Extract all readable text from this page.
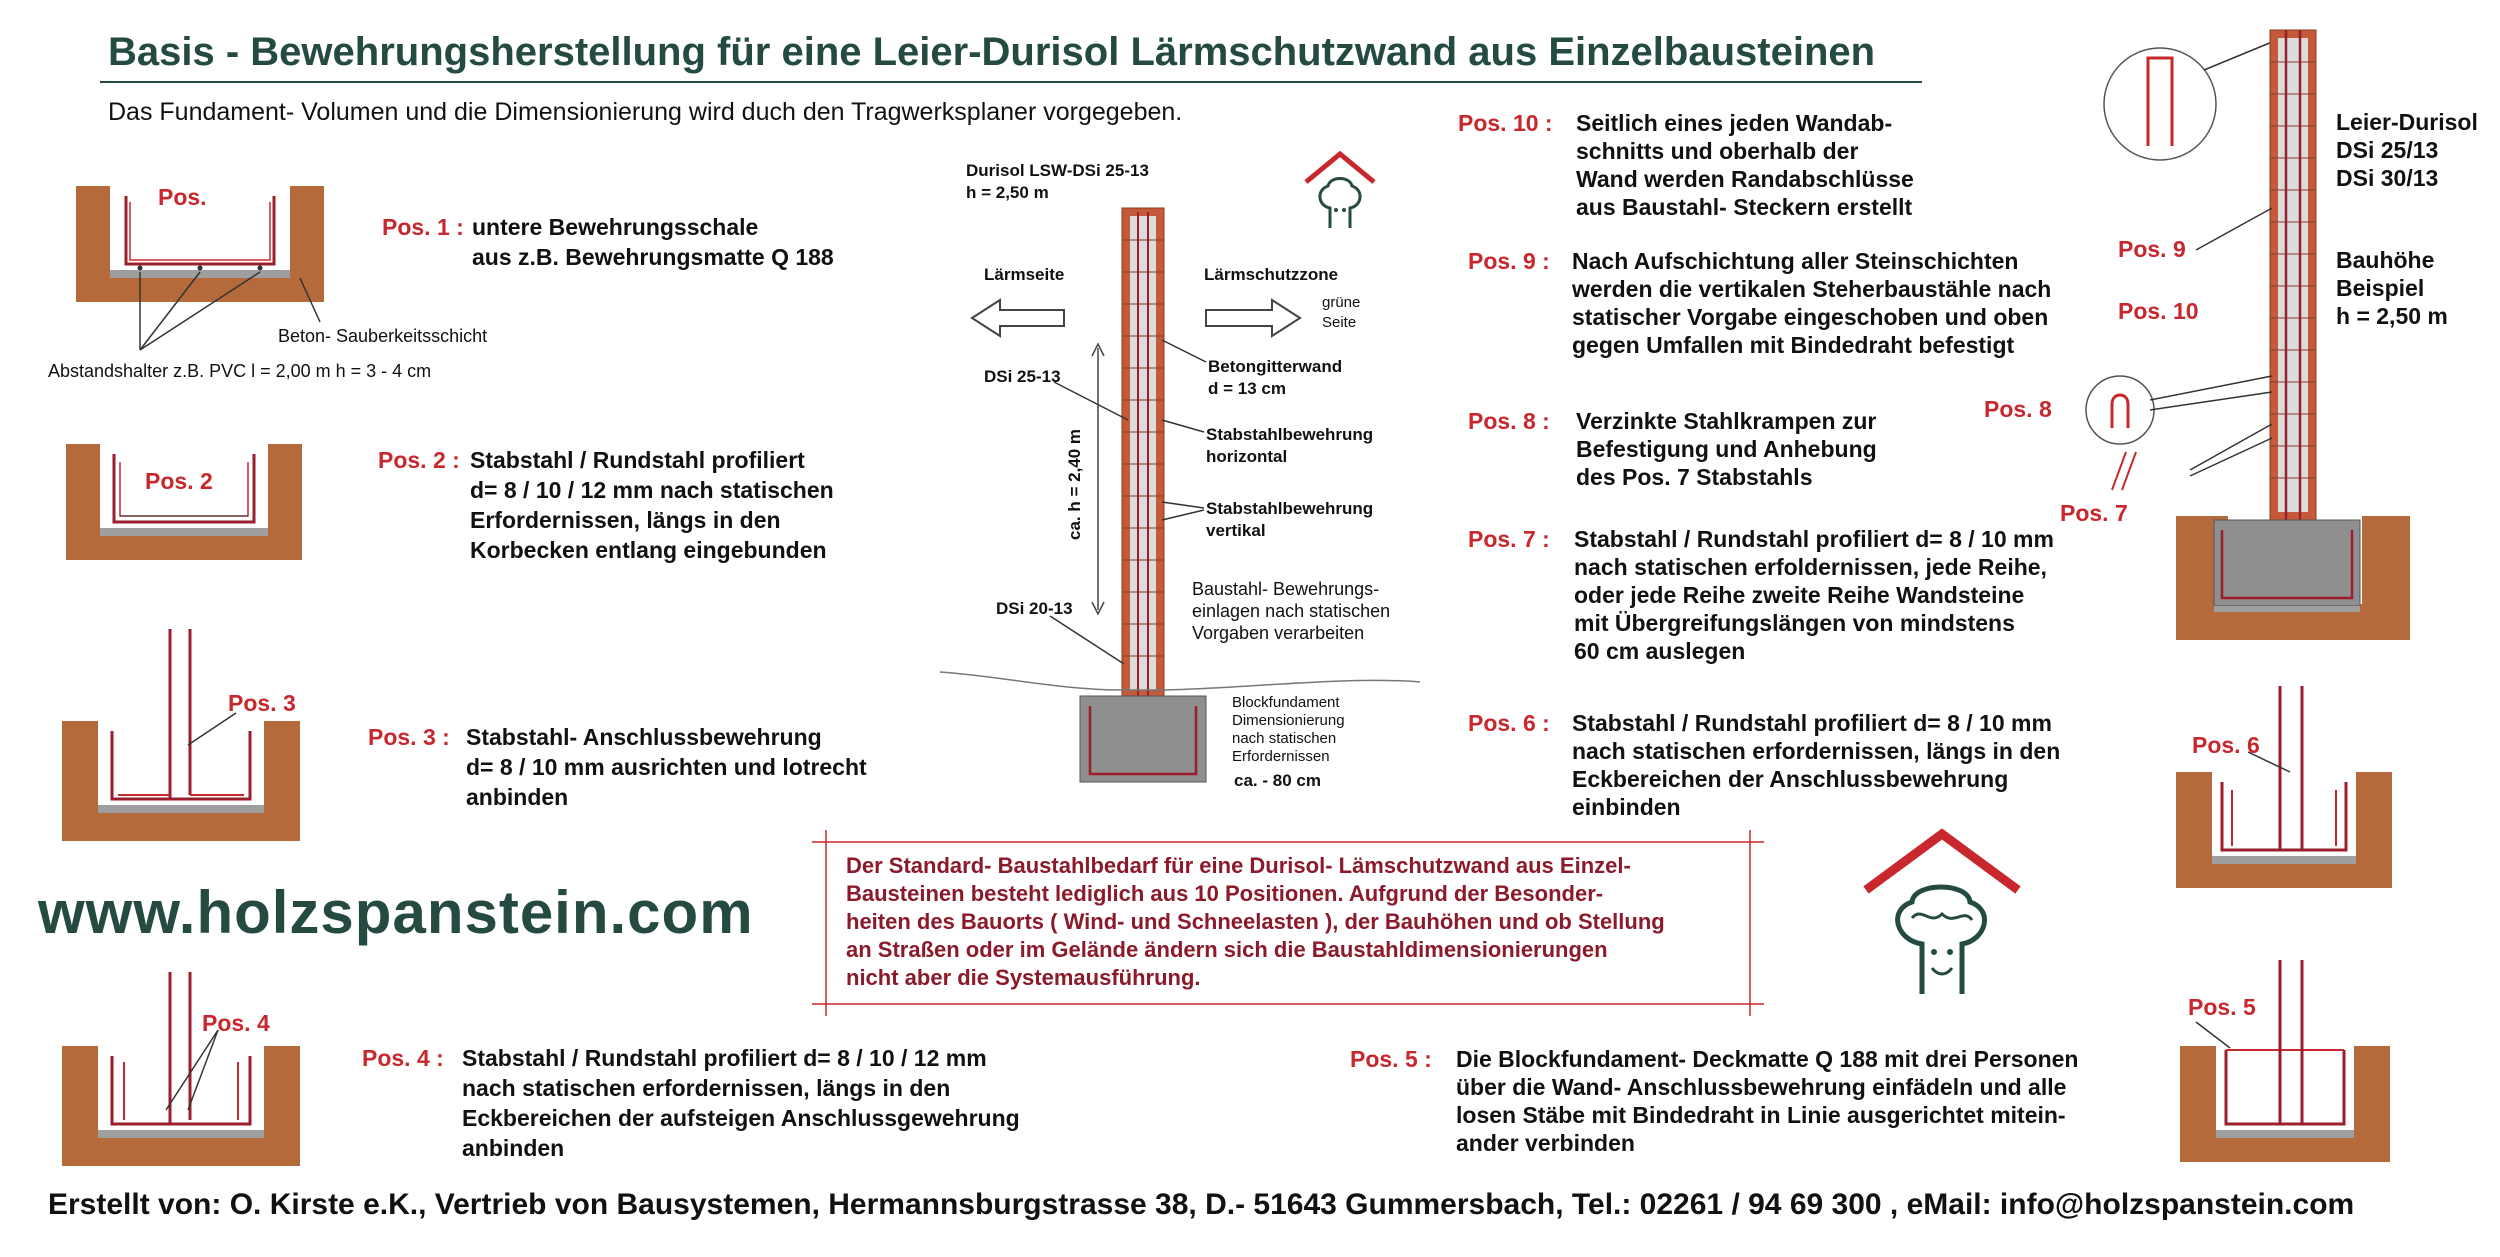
Basis - Bewehrungsherstellung für eine Leier-Durisol Lärmschutzwand aus Einzelbausteinen
Das Fundament- Volumen und die Dimensionierung wird duch den Tragwerksplaner vorgegeben.
Pos.
Beton- Sauberkeitsschicht
Abstandshalter z.B. PVC l = 2,00 m h = 3 - 4 cm
Pos. 2
Pos. 3
Pos. 4
Pos. 1 : untere Bewehrungsschale
aus z.B. Bewehrungsmatte Q 188
Pos. 2 : Stabstahl / Rundstahl profiliert
d= 8 / 10 / 12 mm nach statischen
Erfordernissen, längs in den
Korbecken entlang eingebunden
Pos. 3 : Stabstahl- Anschlussbewehrung
d= 8 / 10 mm ausrichten und lotrecht
anbinden
www.holzspanstein.com
Pos. 4 : Stabstahl / Rundstahl profiliert d= 8 / 10 / 12 mm
nach statischen erfordernissen, längs in den
Eckbereichen der aufsteigen Anschlussgewehrung
anbinden
Durisol LSW-DSi 25-13
h = 2,50 m
Lärmseite	Lärmschutzzone
grüne
Seite
DSi 25-13
DSi 20-13
ca. h = 2,40 m
Betongitterwand
d = 13 cm
Stabstahlbewehrung
horizontal
Stabstahlbewehrung
vertikal
Baustahl- Bewehrungs-
einlagen nach statischen
Vorgaben verarbeiten
Blockfundament
Dimensionierung
nach statischen
Erfordernissen
ca. - 80 cm
Der Standard- Baustahlbedarf für eine Durisol- Lämschutzwand aus Einzel-
Bausteinen besteht lediglich aus 10 Positionen. Aufgrund der Besonder-
heiten des Bauorts ( Wind- und Schneelasten ), der Bauhöhen und ob Stellung
an Straßen oder im Gelände ändern sich die Baustahldimensionierungen
nicht aber die Systemausführung.
Pos. 10 : Seitlich eines jeden Wandab-
schnitts und oberhalb der
Wand werden Randabschlüsse
aus Baustahl- Steckern erstellt
Pos. 9 : Nach Aufschichtung aller Steinschichten
werden die vertikalen Steherbaustähle nach
statischer Vorgabe eingeschoben und oben
gegen Umfallen mit Bindedraht befestigt
Pos. 8 : Verzinkte Stahlkrampen zur
Befestigung und Anhebung
des Pos. 7 Stabstahls
Pos. 7 : Stabstahl / Rundstahl profiliert d= 8 / 10 mm
nach statischen erfoldernissen, jede Reihe,
oder jede Reihe zweite Reihe Wandsteine
mit Übergreifungslängen von mindstens
60 cm auslegen
Pos. 6 : Stabstahl / Rundstahl profiliert d= 8 / 10 mm
nach statischen erfordernissen, längs in den
Eckbereichen der Anschlussbewehrung
einbinden
Pos. 5 : Die Blockfundament- Deckmatte Q 188 mit drei Personen
über die Wand- Anschlussbewehrung einfädeln und alle
losen Stäbe mit Bindedraht in Linie ausgerichtet mitein-
ander verbinden
Leier-Durisol
DSi 25/13
DSi 30/13
Bauhöhe
Beispiel
h = 2,50 m
Pos. 9
Pos. 10
Pos. 8
Pos. 7
Pos. 6
Pos. 5
Erstellt von: O. Kirste e.K., Vertrieb von Bausystemen, Hermannsburgstrasse 38, D.- 51643 Gummersbach, Tel.: 02261 / 94 69 300 , eMail: info@holzspanstein.com
